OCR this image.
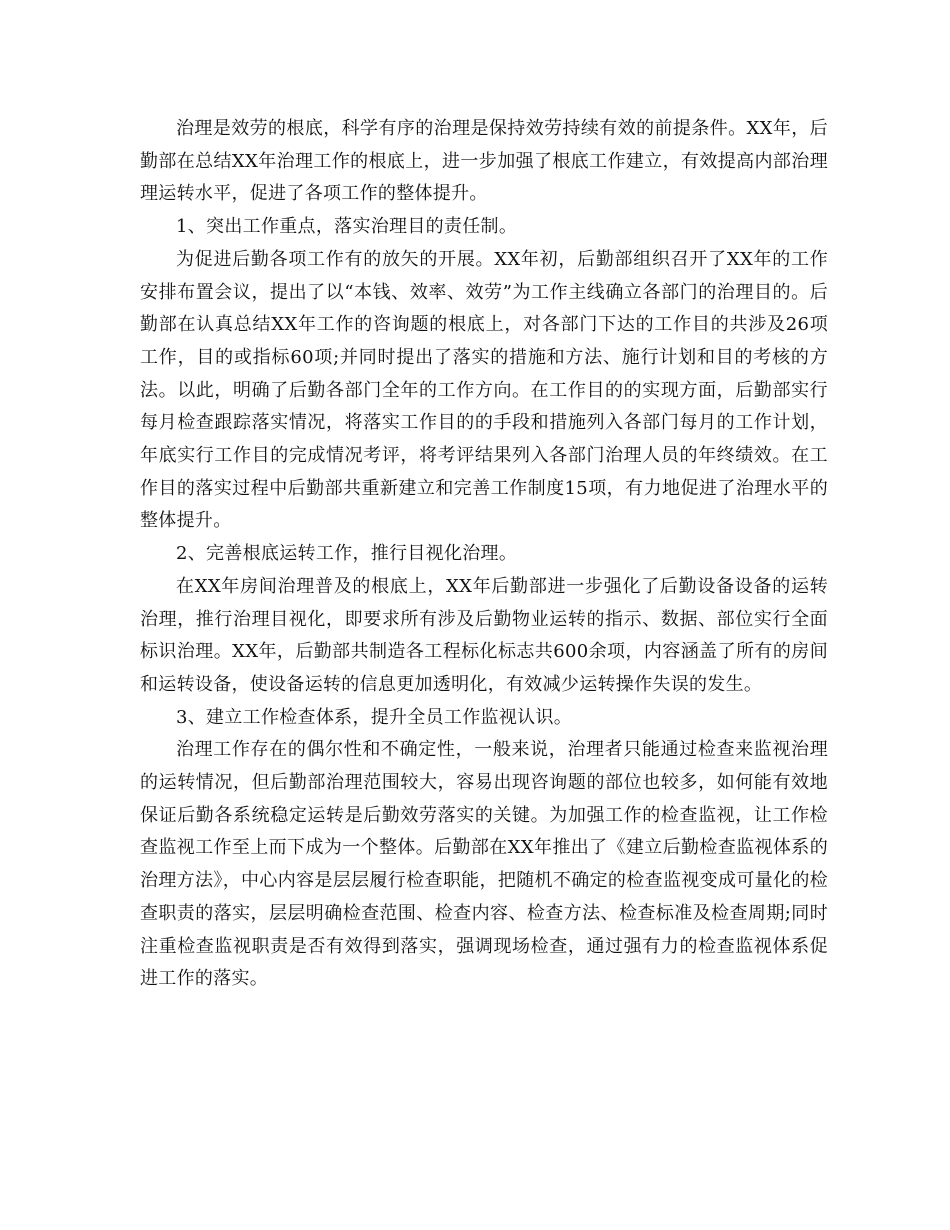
治理是效劳的根底，科学有序的治理是保持效劳持续有效的前提条件。XX年，后勤部在总结XX年治理工作的根底上，进一步加强了根底工作建立，有效提高内部治理理运转水平，促进了各项工作的整体提升。

1、突出工作重点，落实治理目的责任制。

为促进后勤各项工作有的放矢的开展。XX年初，后勤部组织召开了XX年的工作安排布置会议，提出了以“本钱、效率、效劳”为工作主线确立各部门的治理目的。后勤部在认真总结XX年工作的咨询题的根底上，对各部门下达的工作目的共涉及26项工作，目的或指标60项;并同时提出了落实的措施和方法、施行计划和目的考核的方法。以此，明确了后勤各部门全年的工作方向。在工作目的的实现方面，后勤部实行每月检查跟踪落实情况，将落实工作目的的手段和措施列入各部门每月的工作计划，年底实行工作目的完成情况考评，将考评结果列入各部门治理人员的年终绩效。在工作目的落实过程中后勤部共重新建立和完善工作制度15项，有力地促进了治理水平的整体提升。

2、完善根底运转工作，推行目视化治理。

在XX年房间治理普及的根底上，XX年后勤部进一步强化了后勤设备设备的运转治理，推行治理目视化，即要求所有涉及后勤物业运转的指示、数据、部位实行全面标识治理。XX年，后勤部共制造各工程标化标志共600余项，内容涵盖了所有的房间和运转设备，使设备运转的信息更加透明化，有效减少运转操作失误的发生。

3、建立工作检查体系，提升全员工作监视认识。

治理工作存在的偶尔性和不确定性，一般来说，治理者只能通过检查来监视治理的运转情况，但后勤部治理范围较大，容易出现咨询题的部位也较多，如何能有效地保证后勤各系统稳定运转是后勤效劳落实的关键。为加强工作的检查监视，让工作检查监视工作至上而下成为一个整体。后勤部在XX年推出了《建立后勤检查监视体系的治理方法》，中心内容是层层履行检查职能，把随机不确定的检查监视变成可量化的检查职责的落实，层层明确检查范围、检查内容、检查方法、检查标准及检查周期;同时注重检查监视职责是否有效得到落实，强调现场检查，通过强有力的检查监视体系促进工作的落实。
